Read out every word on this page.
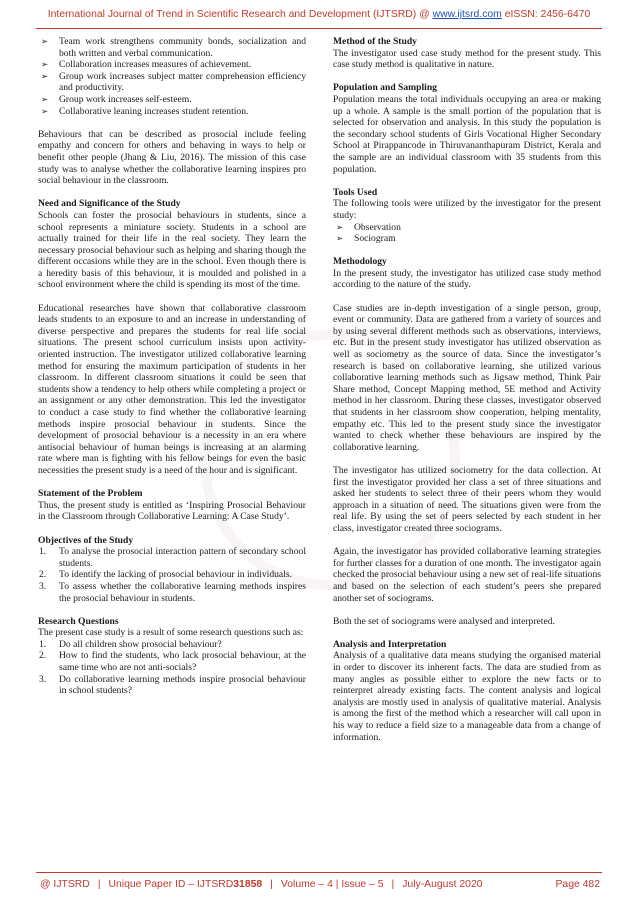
International Journal of Trend in Scientific Research and Development (IJTSRD) @ www.ijtsrd.com eISSN: 2456-6470
➢ Team work strengthens community bonds, socialization and both written and verbal communication.
➢ Collaboration increases measures of achievement.
➢ Group work increases subject matter comprehension efficiency and productivity.
➢ Group work increases self-esteem.
➢ Collaborative leaning increases student retention.

Behaviours that can be described as prosocial include feeling empathy and concern for others and behaving in ways to help or benefit other people (Jhang & Liu, 2016). The mission of this case study was to analyse whether the collaborative learning inspires pro social behaviour in the classroom.

Need and Significance of the Study

Schools can foster the prosocial behaviours in students, since a school represents a miniature society. Students in a school are actually trained for their life in the real society. They learn the necessary prosocial behaviour such as helping and sharing though the different occasions while they are in the school. Even though there is a heredity basis of this behaviour, it is moulded and polished in a school environment where the child is spending its most of the time.

Educational researches have shown that collaborative classroom leads students to an exposure to and an increase in understanding of diverse perspective and prepares the students for real life social situations. The present school curriculum insists upon activity-oriented instruction. The investigator utilized collaborative learning method for ensuring the maximum participation of students in her classroom. In different classroom situations it could be seen that students show a tendency to help others while completing a project or an assignment or any other demonstration. This led the investigator to conduct a case study to find whether the collaborative learning methods inspire prosocial behaviour in students. Since the development of prosocial behaviour is a necessity in an era where antisocial behaviour of human beings is increasing at an alarming rate where man is fighting with his fellow beings for even the basic necessities the present study is a need of the hour and is significant.

Statement of the Problem

Thus, the present study is entitled as ‘Inspiring Prosocial Behaviour in the Classroom through Collaborative Learning: A Case Study’.

Objectives of the Study
1. To analyse the prosocial interaction pattern of secondary school students.
2. To identify the lacking of prosocial behaviour in individuals.
3. To assess whether the collaborative learning methods inspires the prosocial behaviour in students.
Research Questions

The present case study is a result of some research questions such as:

1. Do all children show prosocial behaviour?
2. How to find the students, who lack prosocial behaviour, at the same time who are not anti-socials?
3. Do collaborative learning methods inspire prosocial behaviour in school students?
Method of the Study

The investigator used case study method for the present study. This case study method is qualitative in nature.

Population and Sampling

Population means the total individuals occupying an area or making up a whole. A sample is the small portion of the population that is selected for observation and analysis. In this study the population is the secondary school students of Girls Vocational Higher Secondary School at Pirappancode in Thiruvananthapuram District, Kerala and the sample are an individual classroom with 35 students from this population.

Tools Used

The following tools were utilized by the investigator for the present study:

➢ Observation
➢ Sociogram
Methodology

In the present study, the investigator has utilized case study method according to the nature of the study.

Case studies are in-depth investigation of a single person, group, event or community. Data are gathered from a variety of sources and by using several different methods such as observations, interviews, etc. But in the present study investigator has utilized observation as well as sociometry as the source of data. Since the investigator’s research is based on collaborative learning, she utilized various collaborative learning methods such as Jigsaw method, Think Pair Share method, Concept Mapping method, 5E method and Activity method in her classroom. During these classes, investigator observed that students in her classroom show cooperation, helping mentality, empathy etc. This led to the present study since the investigator wanted to check whether these behaviours are inspired by the collaborative learning.

The investigator has utilized sociometry for the data collection. At first the investigator provided her class a set of three situations and asked her students to select three of their peers whom they would approach in a situation of need. The situations given were from the real life. By using the set of peers selected by each student in her class, investigator created three sociograms.

Again, the investigator has provided collaborative learning strategies for further classes for a duration of one month. The investigator again checked the prosocial behaviour using a new set of real-life situations and based on the selection of each student’s peers she prepared another set of sociograms.

Both the set of sociograms were analysed and interpreted.

Analysis and Interpretation

Analysis of a qualitative data means studying the organised material in order to discover its inherent facts. The data are studied from as many angles as possible either to explore the new facts or to reinterpret already existing facts. The content analysis and logical analysis are mostly used in analysis of qualitative material. Analysis is among the first of the method which a researcher will call upon in his way to reduce a field size to a manageable data from a change of information.

@ IJTSRD | Unique Paper ID – IJTSRD31858 | Volume – 4 | Issue – 5 | July-August 2020	Page 482
